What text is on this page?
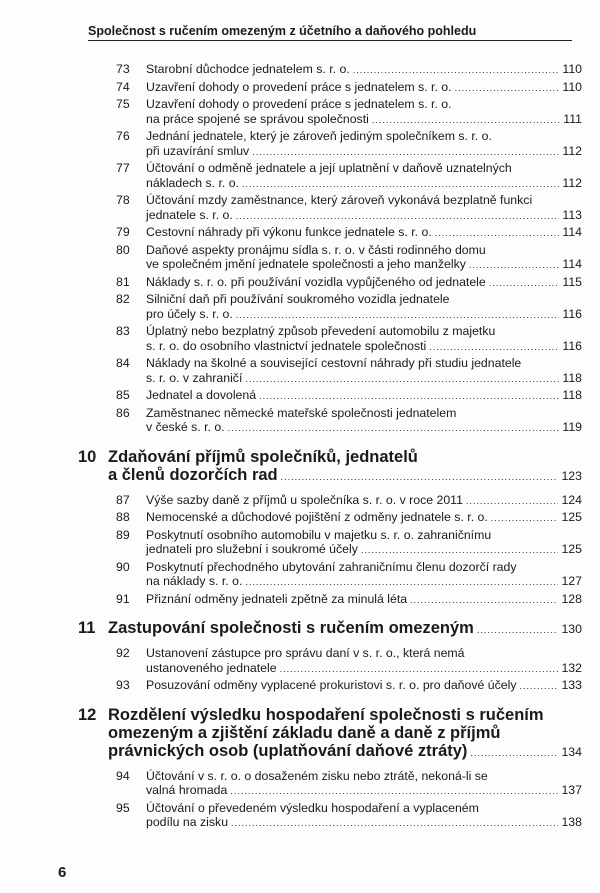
Společnost s ručením omezeným z účetního a daňového pohledu
73	Starobní důchodce jednatelem s. r. o. .....	110
74	Uzavření dohody o provedení práce s jednatelem s. r. o. .....	110
75	Uzavření dohody o provedení práce s jednatelem s. r. o.
na práce spojené se správou společnosti .....	111
76	Jednání jednatele, který je zároveň jediným společníkem s. r. o.
při uzavírání smluv .....	112
77	Účtování o odměně jednatele a její uplatnění v daňově uznatelných
nákladech s. r. o. .....	112
78	Účtování mzdy zaměstnance, který zároveň vykonává bezplatně funkci
jednatele s. r. o. .....	113
79	Cestovní náhrady při výkonu funkce jednatele s. r. o. .....	114
80	Daňové aspekty pronájmu sídla s. r. o. v části rodinného domu
ve společném jmění jednatele společnosti a jeho manželky .....	114
81	Náklady s. r. o. při používání vozidla vypůjčeného od jednatele .....	115
82	Silniční daň při používání soukromého vozidla jednatele
pro účely s. r. o. .....	116
83	Úplatný nebo bezplatný způsob převedení automobilu z majetku
s. r. o. do osobního vlastnictví jednatele společnosti .....	116
84	Náklady na školné a související cestovní náhrady při studiu jednatele
s. r. o. v zahraničí .....	118
85	Jednatel a dovolená .....	118
86	Zaměstnanec německé mateřské společnosti jednatelem
v české s. r. o. .....	119
10 Zdaňování příjmů společníků, jednatelů
a členů dozorčích rad .....	123
87	Výše sazby daně z příjmů u společníka s. r. o. v roce 2011 .....	124
88	Nemocenské a důchodové pojištění z odměny jednatele s. r. o. .....	125
89	Poskytnutí osobního automobilu v majetku s. r. o. zahraničnímu
jednateli pro služební i soukromé účely .....	125
90	Poskytnutí přechodného ubytování zahraničnímu členu dozorčí rady
na náklady s. r. o. .....	127
91	Přiznání odměny jednateli zpětně za minulá léta .....	128
11 Zastupování společnosti s ručením omezeným .....	130
92	Ustanovení zástupce pro správu daní v s. r. o., která nemá
ustanoveného jednatele .....	132
93	Posuzování odměny vyplacené prokuristovi s. r. o. pro daňové účely .....	133
12 Rozdělení výsledku hospodaření společnosti s ručením
omezeným a zjištění základu daně a daně z příjmů
právnických osob (uplatňování daňové ztráty) .....	134
94	Účtování v s. r. o. o dosaženém zisku nebo ztrátě, nekoná-li se
valná hromada .....	137
95	Účtování o převedeném výsledku hospodaření a vyplaceném
podílu na zisku .....	138
6
